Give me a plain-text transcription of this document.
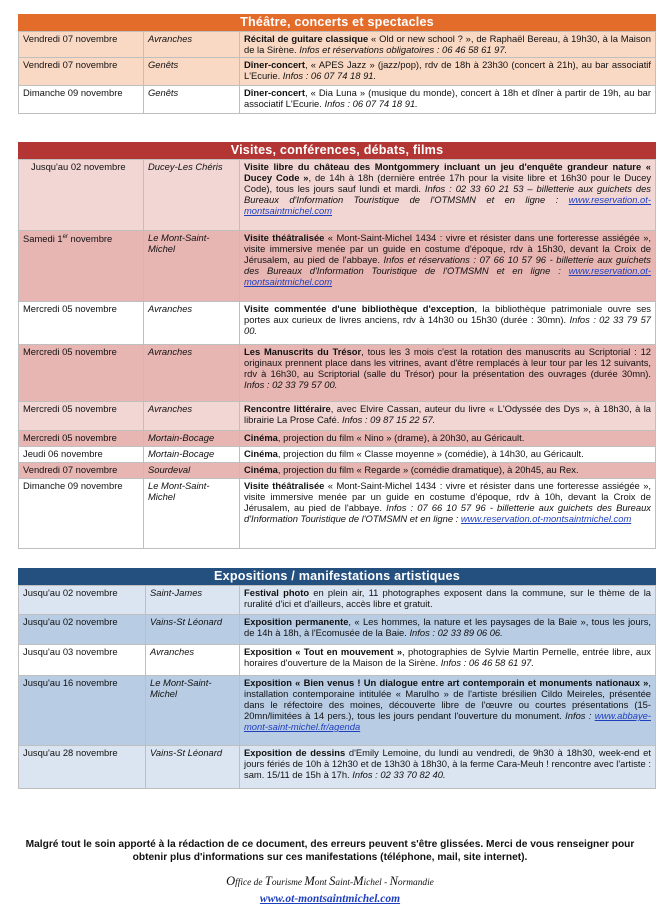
Théâtre, concerts et spectacles
Vendredi 07 novembre	Avranches	Récital de guitare classique « Old or new school ? », de Raphaël Bereau, à 19h30, à la Maison de la Sirène. Infos et réservations obligatoires : 06 46 58 61 97.
Vendredi 07 novembre	Genêts	Dîner-concert, « APES Jazz » (jazz/pop), rdv de 18h à 23h30 (concert à 21h), au bar associatif L'Ecurie. Infos : 06 07 74 18 91.
Dimanche 09 novembre	Genêts	Dîner-concert, « Dia Luna » (musique du monde), concert à 18h et dîner à partir de 19h, au bar associatif L'Ecurie. Infos : 06 07 74 18 91.
Visites, conférences, débats, films
Jusqu'au 02 novembre	Ducey-Les Chéris	Visite libre du château des Montgommery incluant un jeu d'enquête grandeur nature « Ducey Code », de 14h à 18h (dernière entrée 17h pour la visite libre et 16h30 pour le Ducey Code), tous les jours sauf lundi et mardi. Infos : 02 33 60 21 53 – billetterie aux guichets des Bureaux d'Information Touristique de l'OTMSMN et en ligne : www.reservation.ot-montsaintmichel.com
Samedi 1er novembre	Le Mont-Saint-Michel	Visite théâtralisée « Mont-Saint-Michel 1434 : vivre et résister dans une forteresse assiégée », visite immersive menée par un guide en costume d'époque, rdv à 15h30, devant la Croix de Jérusalem, au pied de l'abbaye. Infos et réservations : 07 66 10 57 96 - billetterie aux guichets des Bureaux d'Information Touristique de l'OTMSMN et en ligne : www.reservation.ot-montsaintmichel.com
Mercredi 05 novembre	Avranches	Visite commentée d'une bibliothèque d'exception, la bibliothèque patrimoniale ouvre ses portes aux curieux de livres anciens, rdv à 14h30 ou 15h30 (durée : 30mn). Infos : 02 33 79 57 00.
Mercredi 05 novembre	Avranches	Les Manuscrits du Trésor, tous les 3 mois c'est la rotation des manuscrits au Scriptorial : 12 originaux prennent place dans les vitrines, avant d'être remplacés à leur tour par les 12 suivants, rdv à 16h30, au Scriptorial (salle du Trésor) pour la présentation des ouvrages (durée 30mn). Infos : 02 33 79 57 00.
Mercredi 05 novembre	Avranches	Rencontre littéraire, avec Elvire Cassan, auteur du livre « L'Odyssée des Dys », à 18h30, à la librairie La Prose Café. Infos : 09 87 15 22 57.
Mercredi 05 novembre	Mortain-Bocage	Cinéma, projection du film « Nino » (drame), à 20h30, au Géricault.
Jeudi 06 novembre	Mortain-Bocage	Cinéma, projection du film « Classe moyenne » (comédie), à 14h30, au Géricault.
Vendredi 07 novembre	Sourdeval	Cinéma, projection du film « Regarde » (comédie dramatique), à 20h45, au Rex.
Dimanche 09 novembre	Le Mont-Saint-Michel	Visite théâtralisée « Mont-Saint-Michel 1434 : vivre et résister dans une forteresse assiégée », visite immersive menée par un guide en costume d'époque, rdv à 10h, devant la Croix de Jérusalem, au pied de l'abbaye. Infos : 07 66 10 57 96 - billetterie aux guichets des Bureaux d'Information Touristique de l'OTMSMN et en ligne : www.reservation.ot-montsaintmichel.com
Expositions / manifestations artistiques
Jusqu'au 02 novembre	Saint-James	Festival photo en plein air, 11 photographes exposent dans la commune, sur le thème de la ruralité d'ici et d'ailleurs, accès libre et gratuit.
Jusqu'au 02 novembre	Vains-St Léonard	Exposition permanente, « Les hommes, la nature et les paysages de la Baie », tous les jours, de 14h à 18h, à l'Ecomusée de la Baie. Infos : 02 33 89 06 06.
Jusqu'au 03 novembre	Avranches	Exposition « Tout en mouvement », photographies de Sylvie Martin Pernelle, entrée libre, aux horaires d'ouverture de la Maison de la Sirène. Infos : 06 46 58 61 97.
Jusqu'au 16 novembre	Le Mont-Saint-Michel	Exposition « Bien venus ! Un dialogue entre art contemporain et monuments nationaux », installation contemporaine intitulée « Marulho » de l'artiste brésilien Cildo Meireles, présentée dans le réfectoire des moines, découverte libre de l'œuvre ou courtes présentations (15-20mn/limitées à 14 pers.), tous les jours pendant l'ouverture du monument. Infos : www.abbaye-mont-saint-michel.fr/agenda
Jusqu'au 28 novembre	Vains-St Léonard	Exposition de dessins d'Emily Lemoine, du lundi au vendredi, de 9h30 à 18h30, week-end et jours fériés de 10h à 12h30 et de 13h30 à 18h30, à la ferme Cara-Meuh ! rencontre avec l'artiste : sam. 15/11 de 15h à 17h. Infos : 02 33 70 82 40.
Malgré tout le soin apporté à la rédaction de ce document, des erreurs peuvent s'être glissées. Merci de vous renseigner pour obtenir plus d'informations sur ces manifestations (téléphone, mail, site internet).
Office de Tourisme Mont Saint-Michel - Normandie
www.ot-montsaintmichel.com
